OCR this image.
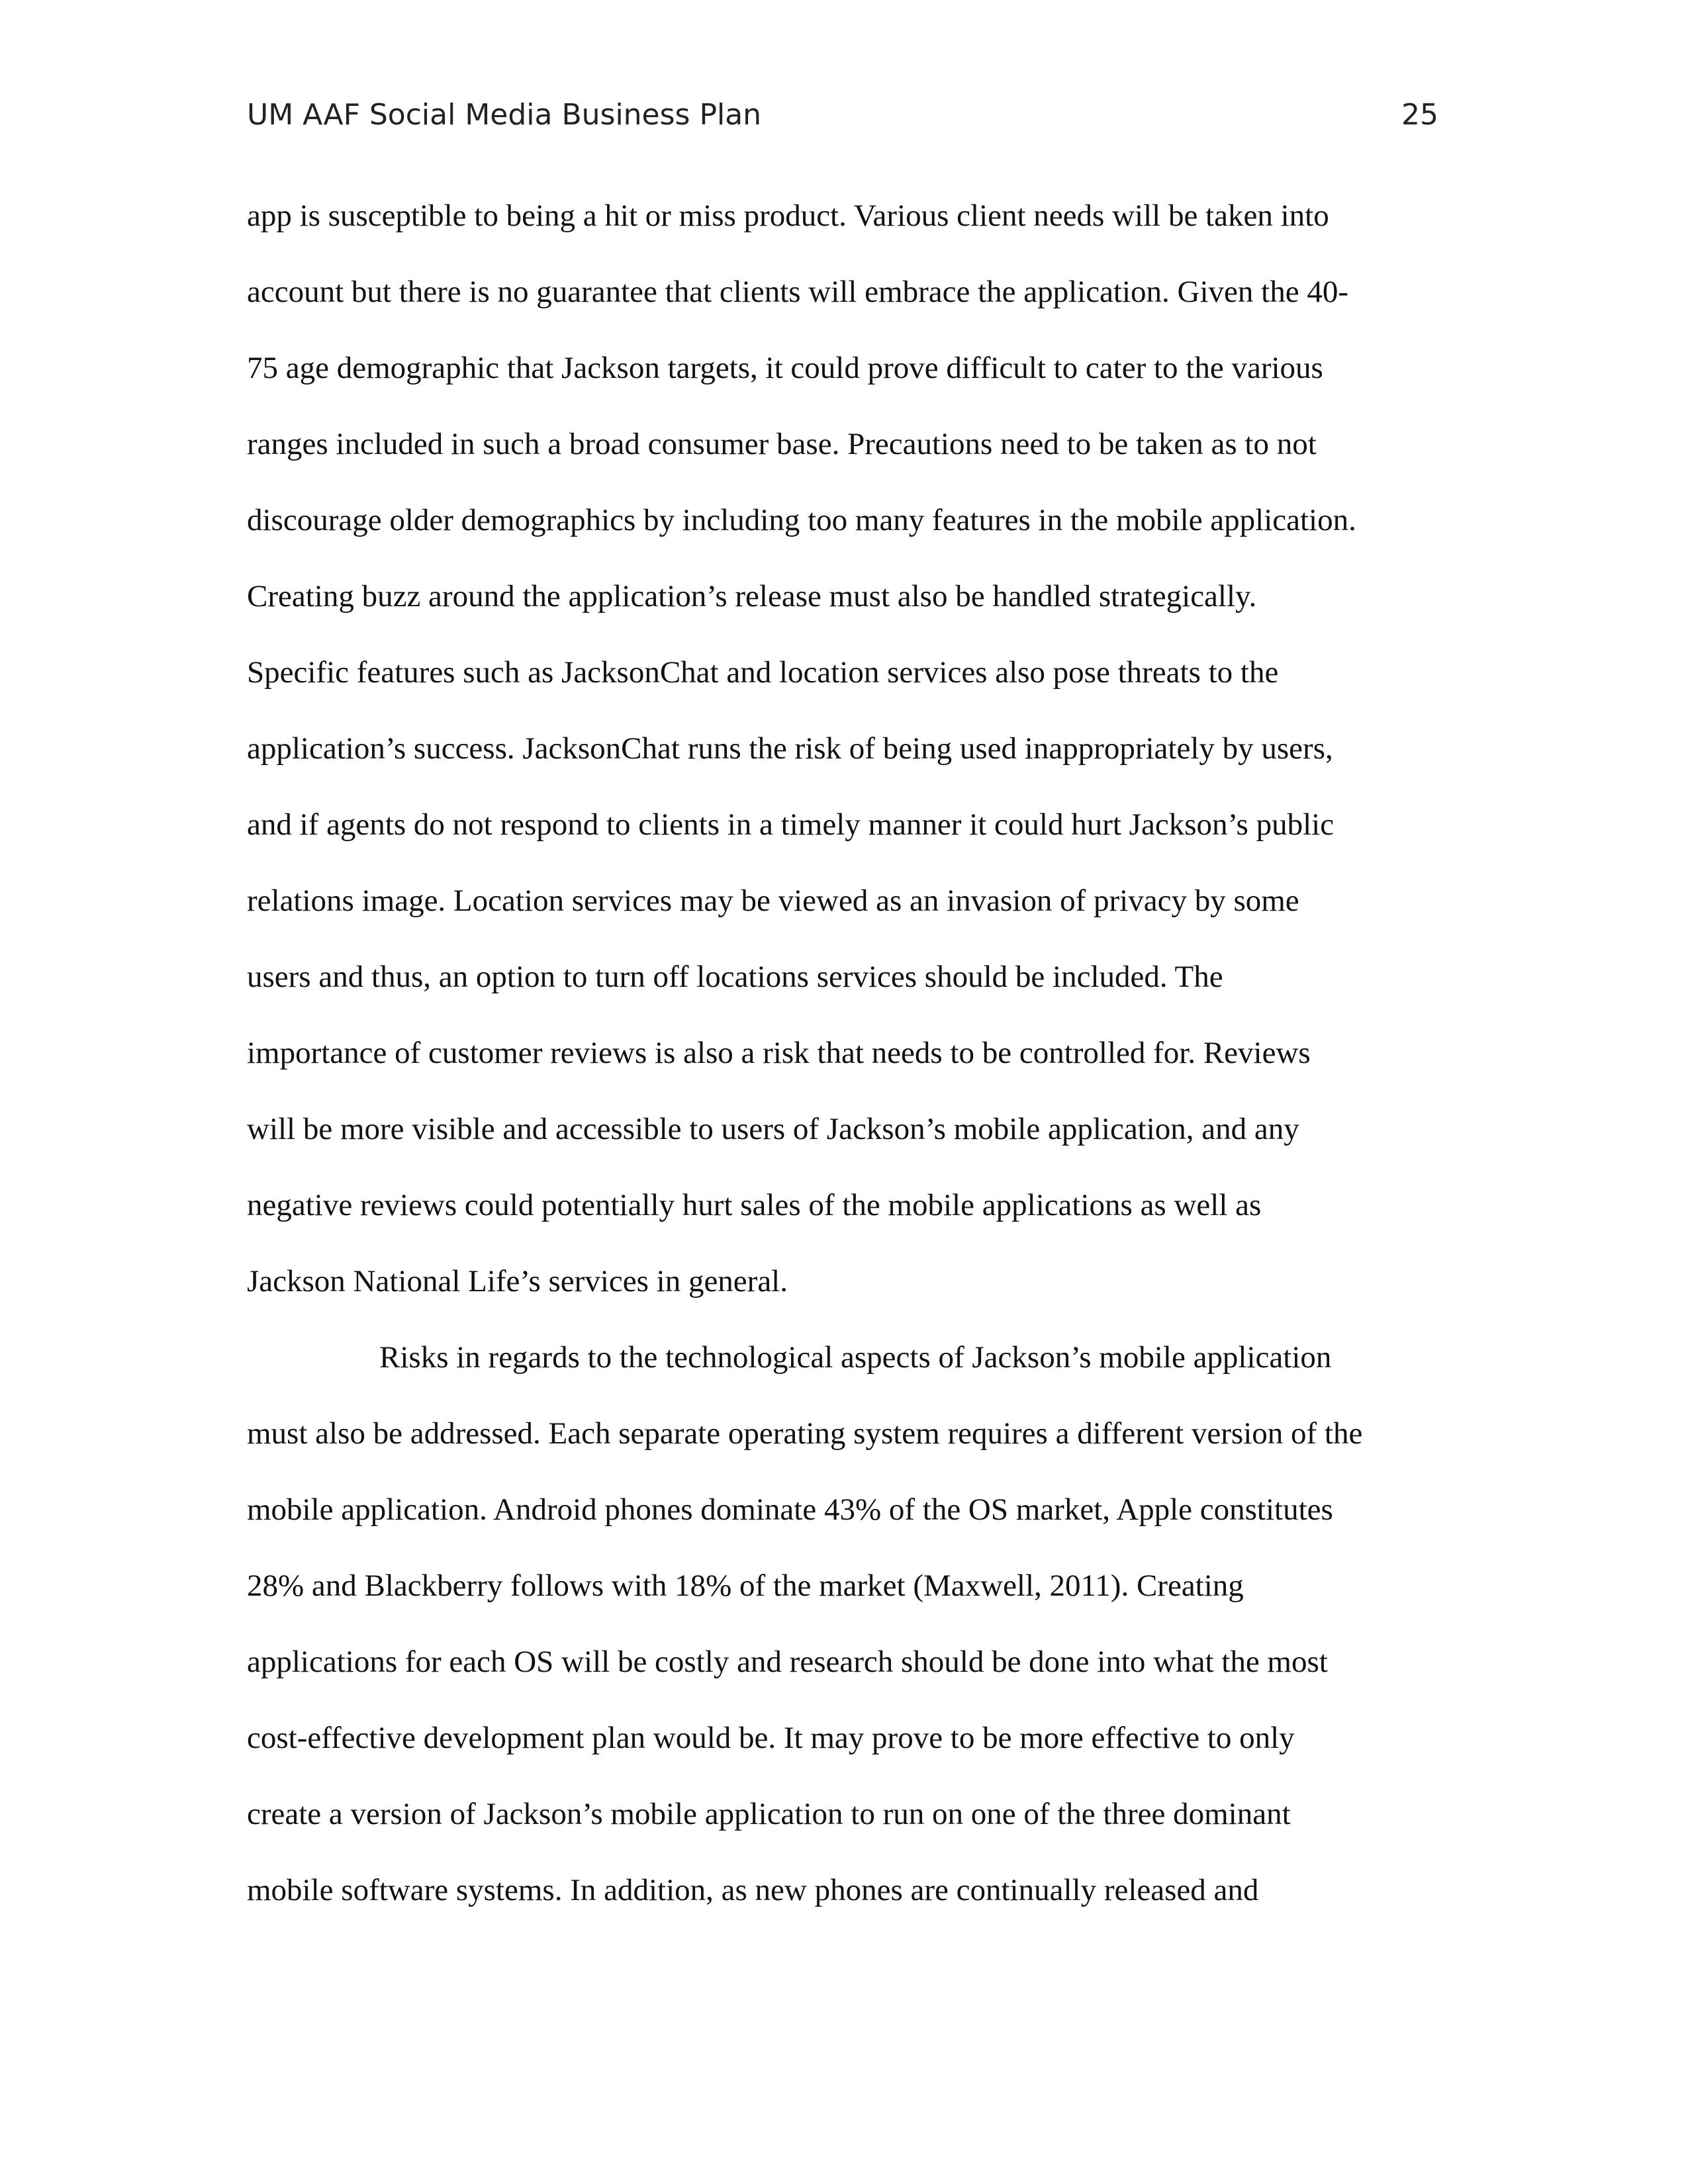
UM AAF Social Media Business Plan	25
app is susceptible to being a hit or miss product. Various client needs will be taken into
account but there is no guarantee that clients will embrace the application. Given the 40-
75 age demographic that Jackson targets, it could prove difficult to cater to the various
ranges included in such a broad consumer base. Precautions need to be taken as to not
discourage older demographics by including too many features in the mobile application.
Creating buzz around the application’s release must also be handled strategically.
Specific features such as JacksonChat and location services also pose threats to the
application’s success. JacksonChat runs the risk of being used inappropriately by users,
and if agents do not respond to clients in a timely manner it could hurt Jackson’s public
relations image. Location services may be viewed as an invasion of privacy by some
users and thus, an option to turn off locations services should be included. The
importance of customer reviews is also a risk that needs to be controlled for. Reviews
will be more visible and accessible to users of Jackson’s mobile application, and any
negative reviews could potentially hurt sales of the mobile applications as well as
Jackson National Life’s services in general.
Risks in regards to the technological aspects of Jackson’s mobile application
must also be addressed. Each separate operating system requires a different version of the
mobile application. Android phones dominate 43% of the OS market, Apple constitutes
28% and Blackberry follows with 18% of the market (Maxwell, 2011). Creating
applications for each OS will be costly and research should be done into what the most
cost-effective development plan would be. It may prove to be more effective to only
create a version of Jackson’s mobile application to run on one of the three dominant
mobile software systems. In addition, as new phones are continually released and
